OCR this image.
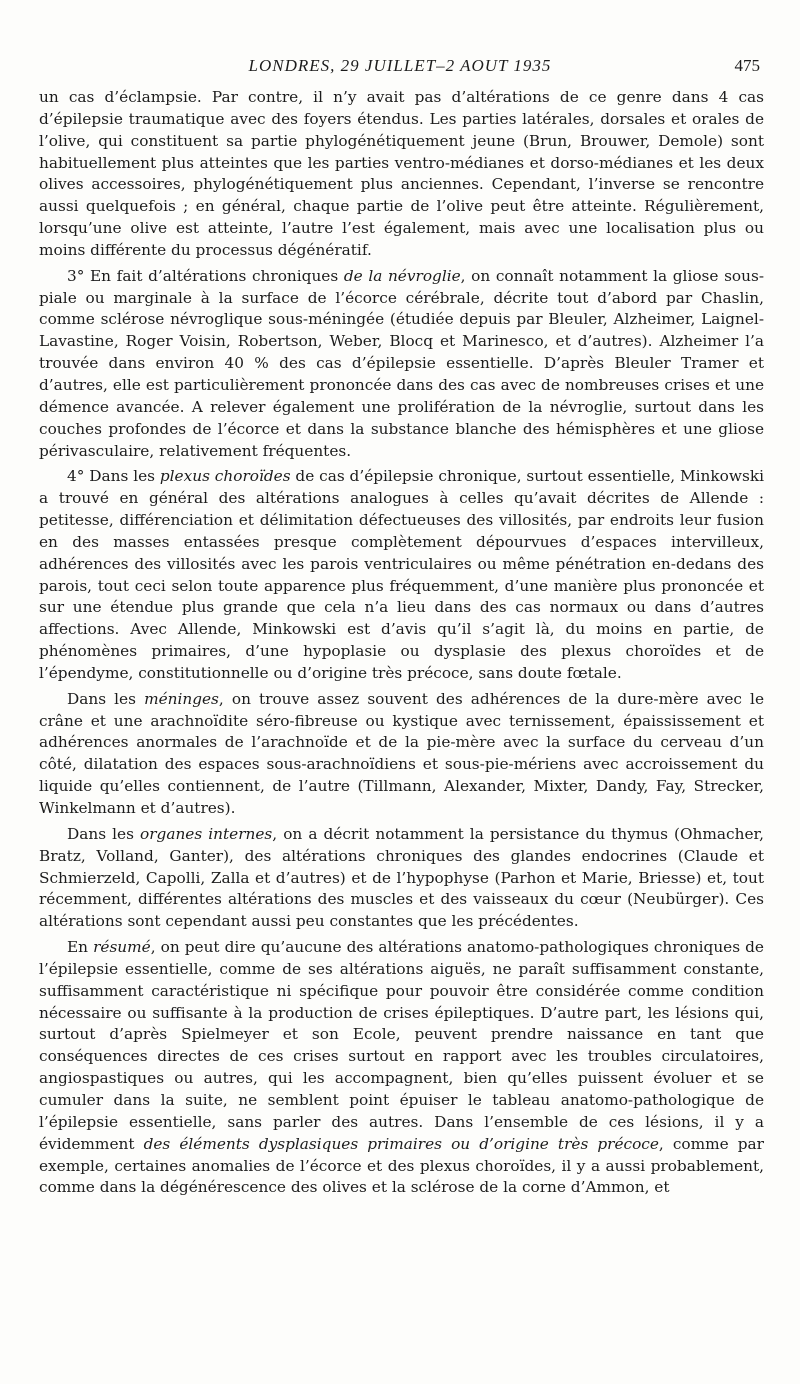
LONDRES, 29 JUILLET–2 AOUT 1935	475

un cas d’éclampsie. Par contre, il n’y avait pas d’altérations de ce genre dans 4 cas d’épilepsie traumatique avec des foyers étendus. Les parties latérales, dorsales et orales de l’olive, qui constituent sa partie phylogénétiquement jeune (Brun, Brouwer, Demole) sont habituellement plus atteintes que les parties ventro-médianes et dorso-médianes et les deux olives accessoires, phylogénétiquement plus anciennes. Cependant, l’inverse se rencontre aussi quelquefois ; en général, chaque partie de l’olive peut être atteinte. Régulièrement, lorsqu’une olive est atteinte, l’autre l’est également, mais avec une localisation plus ou moins différente du processus dégénératif.

3° En fait d’altérations chroniques de la névroglie, on connaît notamment la gliose sous-piale ou marginale à la surface de l’écorce cérébrale, décrite tout d’abord par Chaslin, comme sclérose névroglique sous-méningée (étudiée depuis par Bleuler, Alzheimer, Laignel-Lavastine, Roger Voisin, Robertson, Weber, Blocq et Marinesco, et d’autres). Alzheimer l’a trouvée dans environ 40 % des cas d’épilepsie essentielle. D’après Bleuler Tramer et d’autres, elle est particulièrement prononcée dans des cas avec de nombreuses crises et une démence avancée. A relever également une prolifération de la névroglie, surtout dans les couches profondes de l’écorce et dans la substance blanche des hémisphères et une gliose périvasculaire, relativement fréquentes.

4° Dans les plexus choroïdes de cas d’épilepsie chronique, surtout essentielle, Minkowski a trouvé en général des altérations analogues à celles qu’avait décrites de Allende : petitesse, différenciation et délimitation défectueuses des villosités, par endroits leur fusion en des masses entassées presque complètement dépourvues d’espaces intervilleux, adhérences des villosités avec les parois ventriculaires ou même pénétration en-dedans des parois, tout ceci selon toute apparence plus fréquemment, d’une manière plus prononcée et sur une étendue plus grande que cela n’a lieu dans des cas normaux ou dans d’autres affections. Avec Allende, Minkowski est d’avis qu’il s’agit là, du moins en partie, de phénomènes primaires, d’une hypoplasie ou dysplasie des plexus choroïdes et de l’épendyme, constitutionnelle ou d’origine très précoce, sans doute fœtale.

Dans les méninges, on trouve assez souvent des adhérences de la dure-mère avec le crâne et une arachnoïdite séro-fibreuse ou kystique avec ternissement, épaississement et adhérences anormales de l’arachnoïde et de la pie-mère avec la surface du cerveau d’un côté, dilatation des espaces sous-arachnoïdiens et sous-pie-mériens avec accroissement du liquide qu’elles contiennent, de l’autre (Tillmann, Alexander, Mixter, Dandy, Fay, Strecker, Winkelmann et d’autres).

Dans les organes internes, on a décrit notamment la persistance du thymus (Ohmacher, Bratz, Volland, Ganter), des altérations chroniques des glandes endocrines (Claude et Schmierzeld, Capolli, Zalla et d’autres) et de l’hypophyse (Parhon et Marie, Briesse) et, tout récemment, différentes altérations des muscles et des vaisseaux du cœur (Neubürger). Ces altérations sont cependant aussi peu constantes que les précédentes.

En résumé, on peut dire qu’aucune des altérations anatomo-pathologiques chroniques de l’épilepsie essentielle, comme de ses altérations aiguës, ne paraît suffisamment constante, suffisamment caractéristique ni spécifique pour pouvoir être considérée comme condition nécessaire ou suffisante à la production de crises épileptiques. D’autre part, les lésions qui, surtout d’après Spielmeyer et son Ecole, peuvent prendre naissance en tant que conséquences directes de ces crises surtout en rapport avec les troubles circulatoires, angiospastiques ou autres, qui les accompagnent, bien qu’elles puissent évoluer et se cumuler dans la suite, ne semblent point épuiser le tableau anatomo-pathologique de l’épilepsie essentielle, sans parler des autres. Dans l’ensemble de ces lésions, il y a évidemment des éléments dysplasiques primaires ou d’origine très précoce, comme par exemple, certaines anomalies de l’écorce et des plexus choroïdes, il y a aussi probablement, comme dans la dégénérescence des olives et la sclérose de la corne d’Ammon, et
